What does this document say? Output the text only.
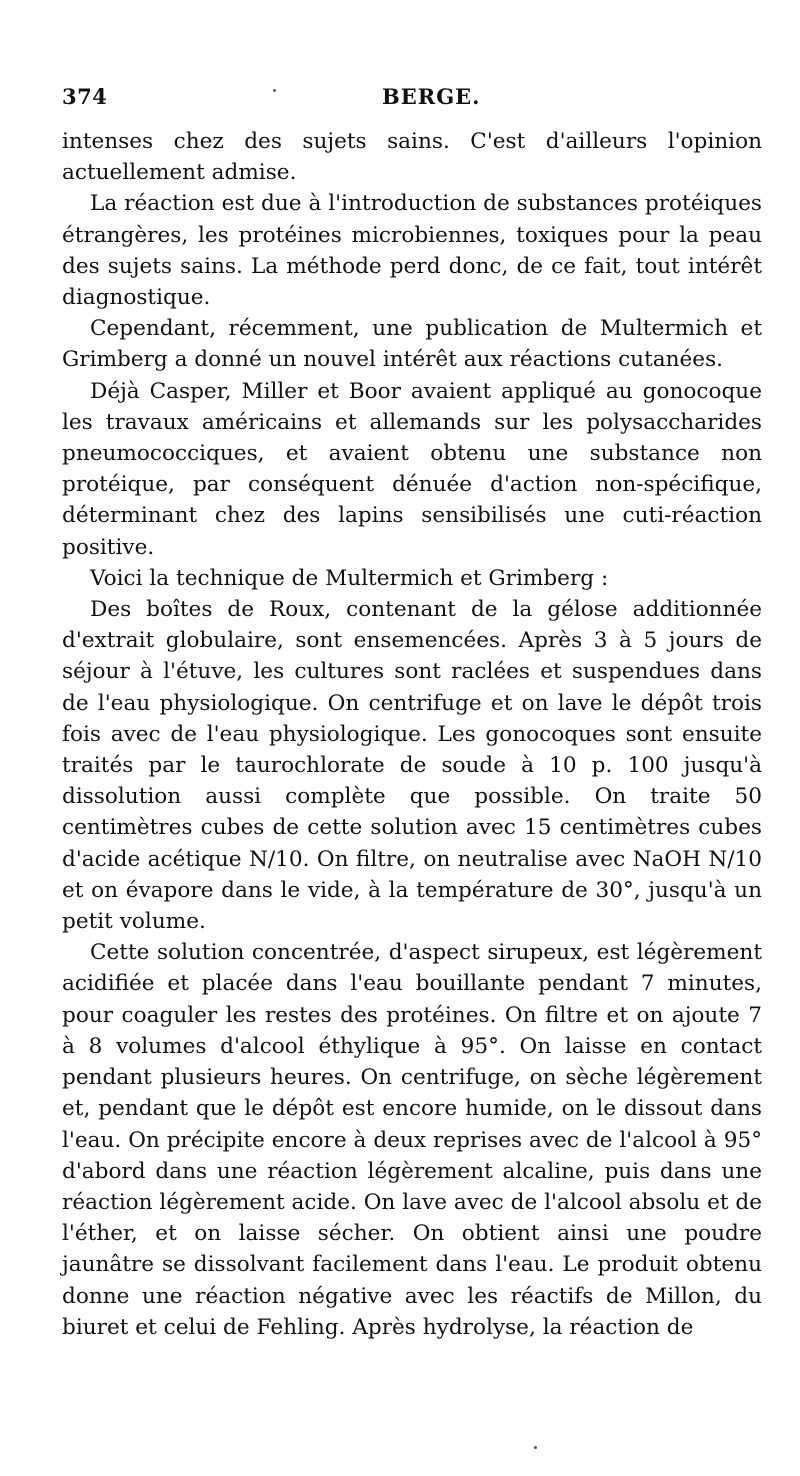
374	BERGE.

intenses chez des sujets sains. C'est d'ailleurs l'opinion actuellement admise.

La réaction est due à l'introduction de substances protéiques étrangères, les protéines microbiennes, toxiques pour la peau des sujets sains. La méthode perd donc, de ce fait, tout intérêt diagnostique.

Cependant, récemment, une publication de Multermich et Grimberg a donné un nouvel intérêt aux réactions cutanées.

Déjà Casper, Miller et Boor avaient appliqué au gonocoque les travaux américains et allemands sur les polysaccharides pneumococciques, et avaient obtenu une substance non protéique, par conséquent dénuée d'action non-spécifique, déterminant chez des lapins sensibilisés une cuti-réaction positive.

Voici la technique de Multermich et Grimberg :

Des boîtes de Roux, contenant de la gélose additionnée d'extrait globulaire, sont ensemencées. Après 3 à 5 jours de séjour à l'étuve, les cultures sont raclées et suspendues dans de l'eau physiologique. On centrifuge et on lave le dépôt trois fois avec de l'eau physiologique. Les gonocoques sont ensuite traités par le taurochlorate de soude à 10 p. 100 jusqu'à dissolution aussi complète que possible. On traite 50 centimètres cubes de cette solution avec 15 centimètres cubes d'acide acétique N/10. On filtre, on neutralise avec NaOH N/10 et on évapore dans le vide, à la température de 30°, jusqu'à un petit volume.

Cette solution concentrée, d'aspect sirupeux, est légèrement acidifiée et placée dans l'eau bouillante pendant 7 minutes, pour coaguler les restes des protéines. On filtre et on ajoute 7 à 8 volumes d'alcool éthylique à 95°. On laisse en contact pendant plusieurs heures. On centrifuge, on sèche légèrement et, pendant que le dépôt est encore humide, on le dissout dans l'eau. On précipite encore à deux reprises avec de l'alcool à 95° d'abord dans une réaction légèrement alcaline, puis dans une réaction légèrement acide. On lave avec de l'alcool absolu et de l'éther, et on laisse sécher. On obtient ainsi une poudre jaunâtre se dissolvant facilement dans l'eau. Le produit obtenu donne une réaction négative avec les réactifs de Millon, du biuret et celui de Fehling. Après hydrolyse, la réaction de
